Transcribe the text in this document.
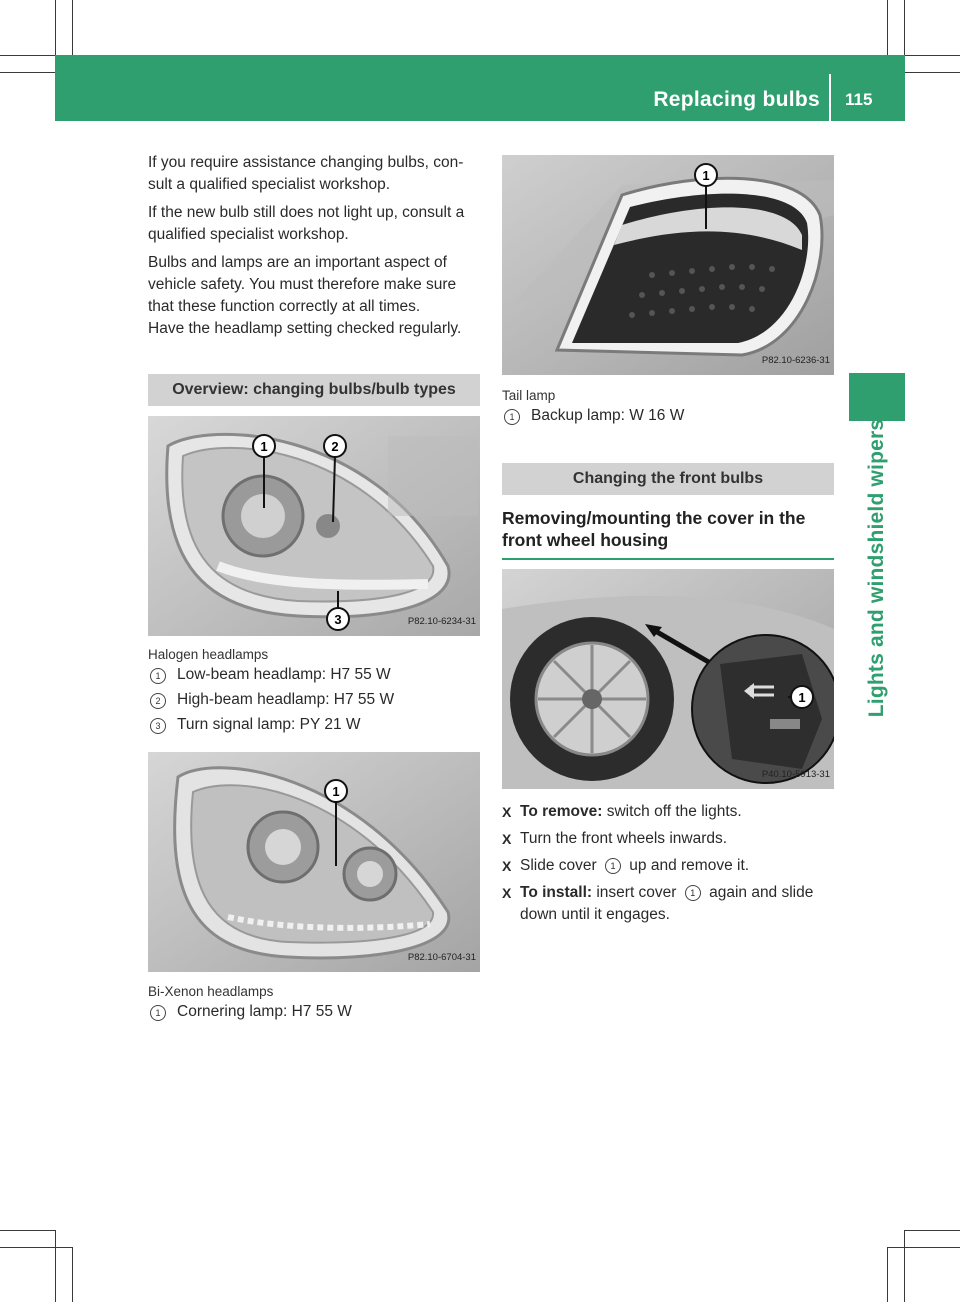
Replacing bulbs 115
Lights and windshield wipers

If you require assistance changing bulbs, con-sult a qualified specialist workshop.

If the new bulb still does not light up, consult a qualified specialist workshop.

Bulbs and lamps are an important aspect of vehicle safety. You must therefore make sure that these function correctly at all times.

Have the headlamp setting checked regularly.

Overview: changing bulbs/bulb types
1	2
3	P82.10-6234-31
Halogen headlamps
1	Low-beam headlamp: H7 55 W
2	High-beam headlamp: H7 55 W
3	Turn signal lamp: PY 21 W
1
P82.10-6704-31
Bi-Xenon headlamps
1	Cornering lamp: H7 55 W
1
P82.10-6236-31
Tail lamp
1	Backup lamp: W 16 W
Changing the front bulbs
Removing/mounting the cover in the front wheel housing
1
P40.10-5913-31
X To remove: switch off the lights.
X Turn the front wheels inwards.
X Slide cover 1 up and remove it.
X To install: insert cover 1 again and slide down until it engages.
